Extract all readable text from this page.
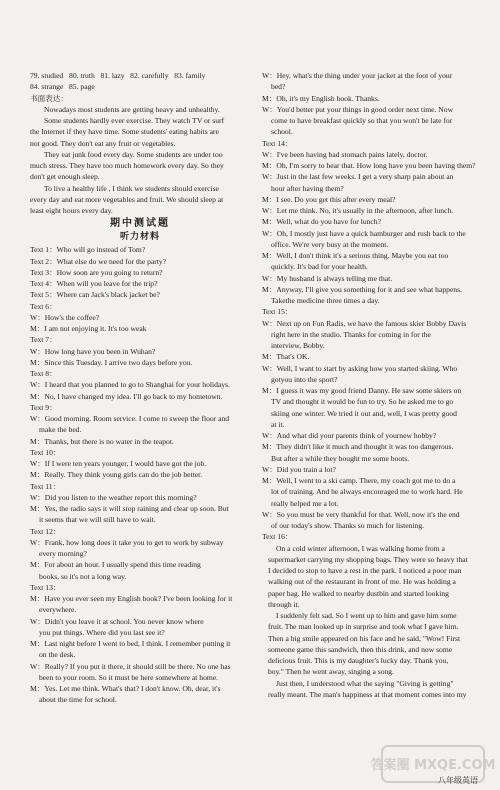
79. studied   80. truth   81. lazy   82. carefully   83. family
84. strange   85. page
书面表达：
Nowadays most students are getting heavy and unhealthy.
Some students hardly ever exercise. They watch TV or surf
the Internet if they have time. Some students' eating habits are
not good. They don't eat any fruit or vegetables.
They eat junk food every day. Some students are under too
much stress. They have too much homework every day. So they
don't get enough sleep.
To live a healthy life , I think we students should exercise
every day and eat more vegetables and fruit. We should sleep at
least eight hours every day.
期中测试题
听力材料
Text 1：Who will go instead of Tom?
Text 2：What else do we need for the party?
Text 3：How soon are you going to return?
Text 4：When will you leave for the trip?
Text 5：Where can Jack's black jacket be?
Text 6：
W：How's the coffee?
M：I am not enjoying it. It's too weak
Text 7：
W：How long have you been in Wuhan?
M：Since this Tuesday. I arrive two days before you.
Text 8：
W：I heard that you planned to go to Shanghai for your holidays.
M：No, I have changed my idea. I'll go back to my hometown.
Text 9：
W：Good morning. Room service. I come to sweep the floor and
make the bed.
M：Thanks, but there is no water in the teapot.
Text 10：
W：If I were ten years younger, I would have got the job.
M：Really. They think young girls can do the job better.
Text 11：
W：Did you listen to the weather report this morning?
M：Yes, the radio says it will stop raining and clear up soon. But
it seems that we will still have to wait.
Text 12：
W：Frank, how long does it take you to get to work by subway
every morning?
M：For about an hour. I usually spend this time reading
books, so it's not a long way.
Text 13：
M：Have you ever seen my English book? I've been looking for it
everywhere.
W：Didn't you leave it at school. You never know where
you put things. Where did you last see it?
M：Last night before I went to bed, I think. I remember putting it
on the desk.
W：Really? If you put it there, it should still be there. No one has
been to your room. So it must be here somewhere at home.
M：Yes. Let me think. What's that? I don't know. Oh, dear, it's
about the time for school.
W：Hey, what's the thing under your jacket at the foot of your
bed?
M：Oh, it's my English book. Thanks.
W：You'd better put your things in good order next time. Now
come to have breakfast quickly so that you won't be late for
school.
Text 14：
W：I've been having bad stomach pains lately, doctor.
M：Oh, I'm sorry to hear that. How long have you been having them?
W：Just in the last few weeks. I get a very sharp pain about an
hour after having them?
M：I see. Do you get this after every meal?
W：Let me think. No, it's usually in the afternoon, after lunch.
M：Well, what do you have for lunch?
W：Oh, I mostly just have a quick hamburger and rush back to the
office. We're very busy at the moment.
M：Well, I don't think it's a serious thing. Maybe you eat too
quickly. It's bad for your health.
W：My husband is always telling me that.
M：Anyway, I'll give you something for it and see what happens.
Takethe medicine three times a day.
Text 15：
W：Next up on Fun Radis, we have the famous skier Bobby Davis
right here in the studio. Thanks for coming in for the
interview, Bobby.
M：That's OK.
W：Well, I want to start by asking how you started skiing. Who
gotyou into the sport?
M：I guess it was my good friend Danny. He saw some skiers on
TV and thought it would be fun to try. So he asked me to go
skiing one winter. We tried it out and, well, I was pretty good
at it.
W：And what did your parents think of yournew hobby?
M：They didn't like it much and thought it was too dangerous.
But after a while they bought me some boots.
W：Did you train a lot?
M：Well, I went to a ski camp. There, my coach got me to do a
lot of training. And he always encouraged me to work hard. He
really helped me a lot.
W：So you must be very thankful for that. Well, now it's the end
of our today's show. Thanks so much for listening.
Text 16：
On a cold winter afternoon, I was walking home from a
supermarket carrying my shopping bags. They were so heavy that
I decided to stop to have a rest in the park. I noticed a poor man
walking out of the restaurant in front of me. He was holding a
paper bag. He walked to nearby dustbin and started looking
through it.
I suddenly felt sad. So I went up to him and gave him some
fruit. The man looked up in surprise and took what I gave him.
Then a big smile appeared on his face and he said, "Wow! First
someone game this sandwich, then this drink, and now some
delicious fruit. This is my daughter's lucky day. Thank you,
boy." Then he went away, singing a song.
Just then, I understood what the saying "Giving is getting"
really meant. The man's happiness at that moment comes into my
八年级英语
答案圈 MXQE.COM
